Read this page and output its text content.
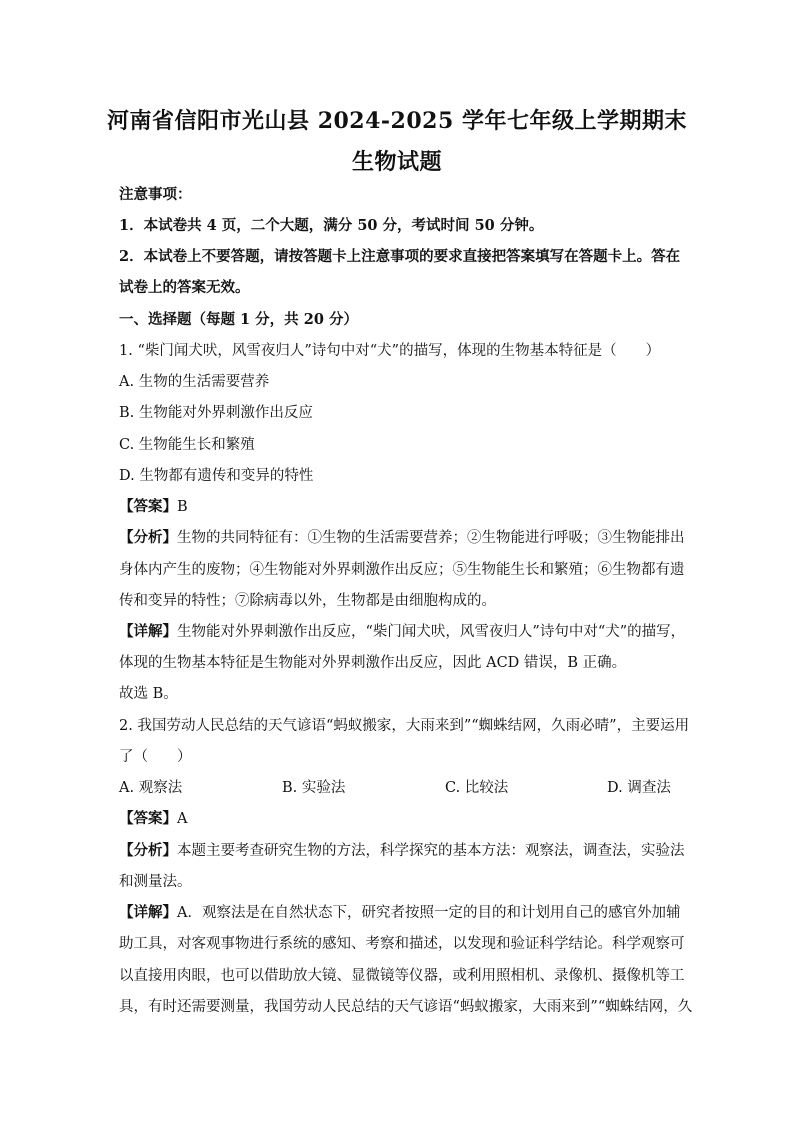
河南省信阳市光山县 2024-2025 学年七年级上学期期末
生物试题
注意事项：
1．本试卷共 4 页，二个大题，满分 50 分，考试时间 50 分钟。
2．本试卷上不要答题，请按答题卡上注意事项的要求直接把答案填写在答题卡上。答在
试卷上的答案无效。
一、选择题（每题 1 分，共 20 分）
1. “柴门闻犬吠，风雪夜归人”诗句中对“犬”的描写，体现的生物基本特征是（　　）
A. 生物的生活需要营养
B. 生物能对外界刺激作出反应
C. 生物能生长和繁殖
D. 生物都有遗传和变异的特性
【答案】B
【分析】生物的共同特征有：①生物的生活需要营养；②生物能进行呼吸；③生物能排出
身体内产生的废物；④生物能对外界刺激作出反应；⑤生物能生长和繁殖；⑥生物都有遗
传和变异的特性；⑦除病毒以外，生物都是由细胞构成的。
【详解】生物能对外界刺激作出反应，“柴门闻犬吠，风雪夜归人”诗句中对“犬”的描写，
体现的生物基本特征是生物能对外界刺激作出反应，因此 ACD 错误，B 正确。
故选 B。
2. 我国劳动人民总结的天气谚语“蚂蚁搬家，大雨来到”“蜘蛛结网，久雨必晴”，主要运用
了（　　）
A. 观察法	B. 实验法	C. 比较法	D. 调查法
【答案】A
【分析】本题主要考查研究生物的方法，科学探究的基本方法：观察法，调查法，实验法
和测量法。
【详解】A．观察法是在自然状态下，研究者按照一定的目的和计划用自己的感官外加辅
助工具，对客观事物进行系统的感知、考察和描述，以发现和验证科学结论。科学观察可
以直接用肉眼，也可以借助放大镜、显微镜等仪器，或利用照相机、录像机、摄像机等工
具，有时还需要测量，我国劳动人民总结的天气谚语“蚂蚁搬家，大雨来到”“蜘蛛结网，久
